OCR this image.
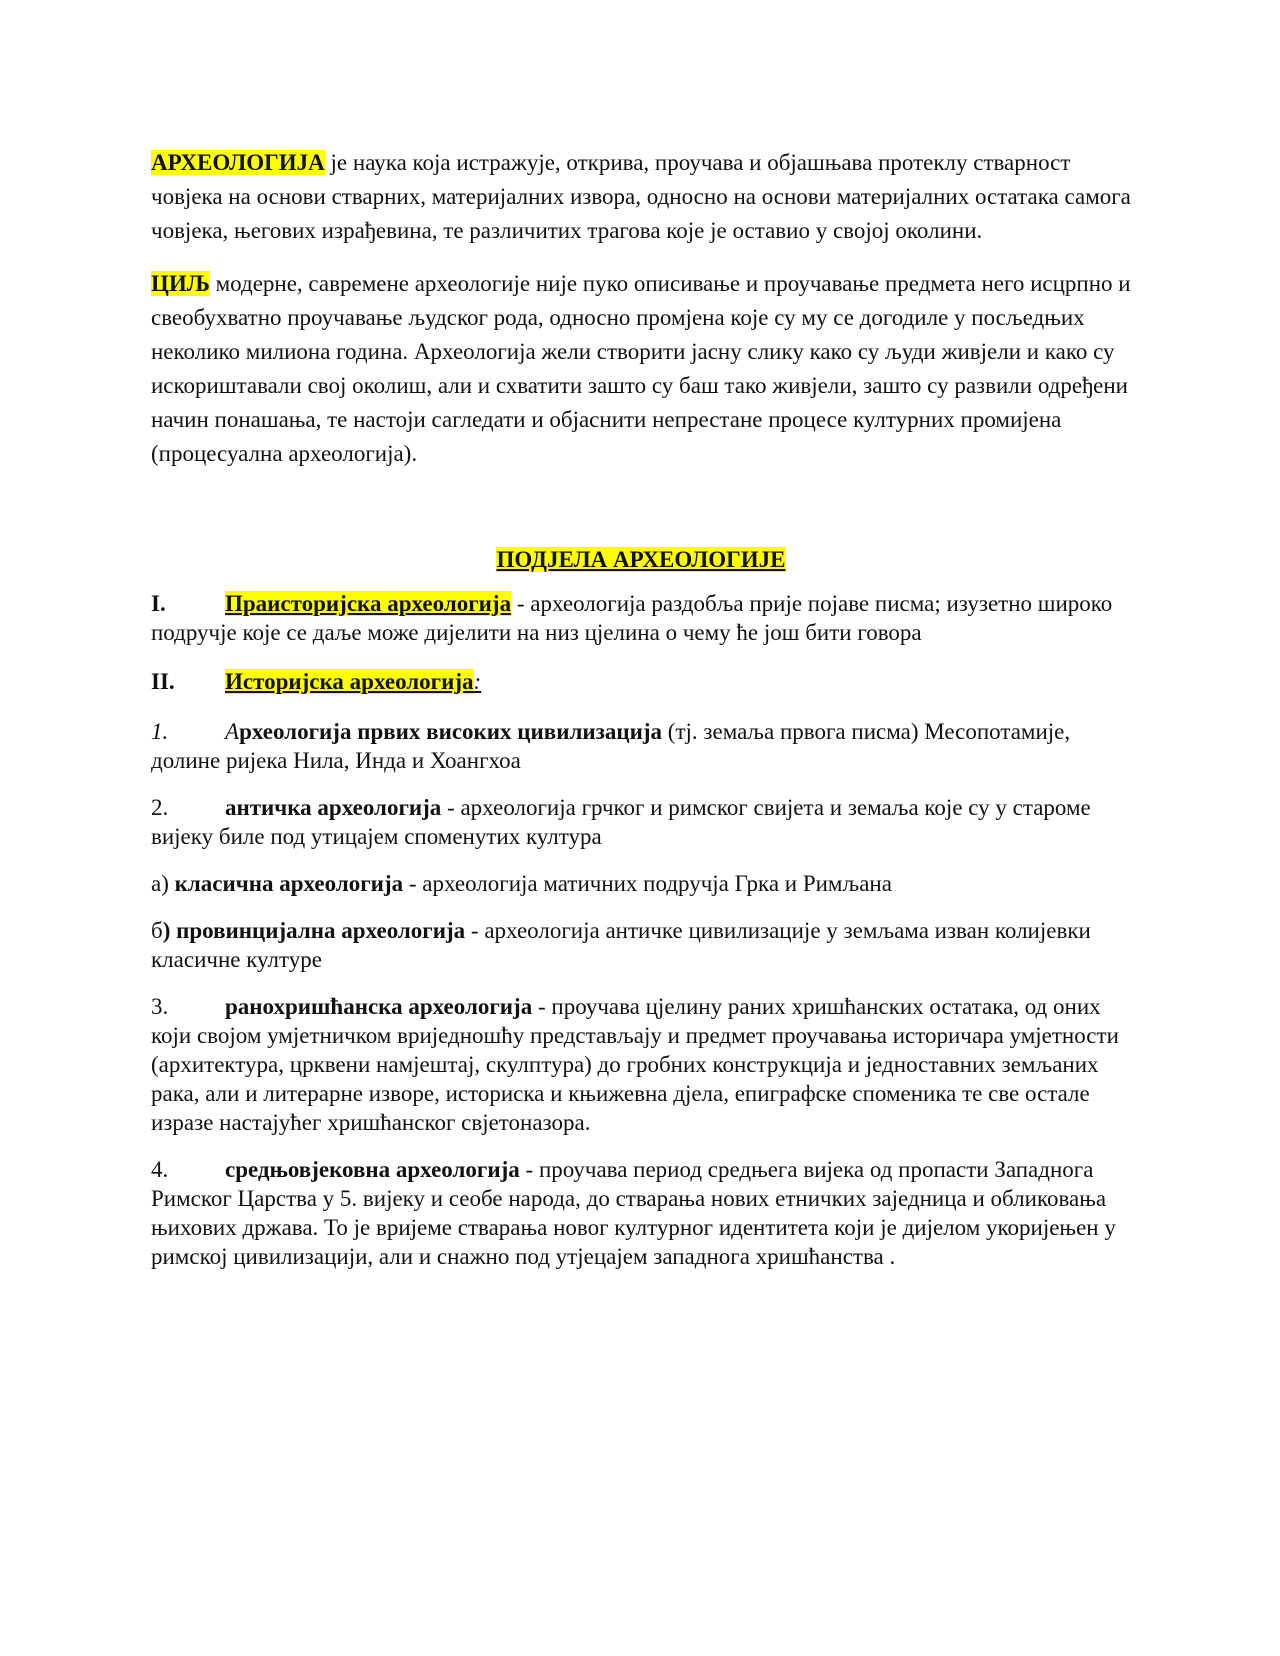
АРХЕОЛОГИЈА је наука која истражује, открива, проучава и објашњава протеклу стварност човјека на основи стварних, материјалних извора, односно на основи материјалних остатака самога човјека, његових израђевина, те различитих трагова које је оставио у својој околини.

ЦИЉ модерне, савремене археологије није пуко описивање и проучавање предмета него исцрпно и свеобухватно проучавање људског рода, односно промјена које су му се догодиле у посљедњих неколико милиона година. Археологија жели створити јасну слику како су људи живјели и како су искориштавали свој околиш, али и схватити зашто су баш тако живјели, зашто су развили одређени начин понашања, те настоји сагледати и објаснити непрестане процесе културних промијена (процесуална археологија).

ПОДЈЕЛА АРХЕОЛОГИЈЕ

I.	Праисторијска археологија - археологија раздобља прије појаве писма; изузетно широко подручје које се даље може дијелити на низ цјелина о чему ће још бити говора

II. Историјска археологија:

1. Археологија првих високих цивилизација (тј. земаља првога писма) Месопотамије, долине ријека Нила, Инда и Хоангхоа

2. античка археологија - археологија грчког и римског свијета и земаља које су у староме вијеку биле под утицајем споменутих култура

а) класична археологија - археологија матичних подручја Грка и Римљана

б) провинцијална археологија - археологија античке цивилизације у земљама изван колијевки класичне културе

3. ранохришћанска археологија - проучава цјелину раних хришћанских остатака, од оних који својом умјетничком вриједношћу представљају и предмет проучавања историчара умјетности (архитектура, црквени намјештај, скулптура) до гробних конструкција и једноставних земљаних рака, али и литерарне изворе, историска и књижевна дјела, епиграфске споменика те све остале изразе настајућег хришћанског свјетоназора.

4. средњовјековна археологија - проучава период средњега вијека од пропасти Западнога Римског Царства у 5. вијеку и сеобе народа, до стварања нових етничких заједница и обликовања њихових држава. То је вријеме стварања новог културног идентитета који је дијелом укоријењен у римској цивилизацији, али и снажно под утјецајем западнога хришћанства .
